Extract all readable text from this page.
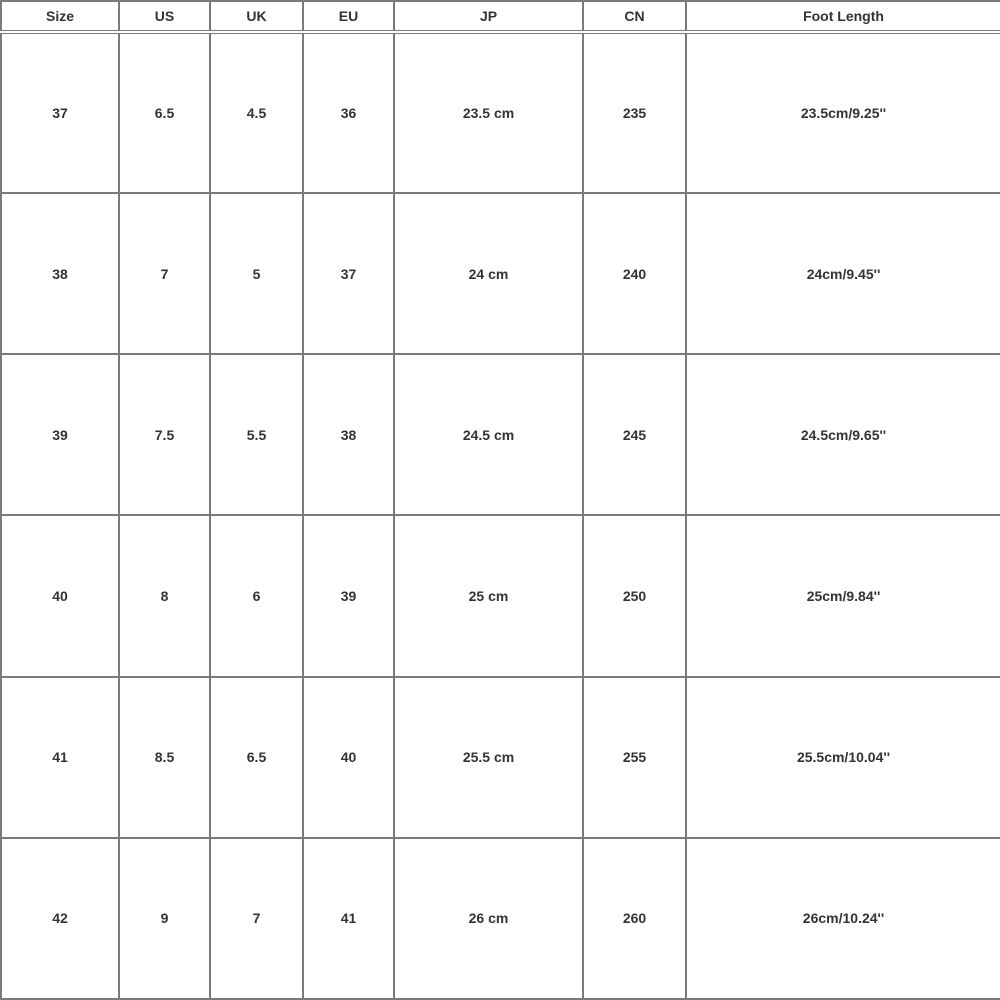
Size	US	UK	EU	JP	CN	Foot Length
37	6.5	4.5	36	23.5 cm	235	23.5cm/9.25''
38	7	5	37	24 cm	240	24cm/9.45''
39	7.5	5.5	38	24.5 cm	245	24.5cm/9.65''
40	8	6	39	25 cm	250	25cm/9.84''
41	8.5	6.5	40	25.5 cm	255	25.5cm/10.04''
42	9	7	41	26 cm	260	26cm/10.24''
